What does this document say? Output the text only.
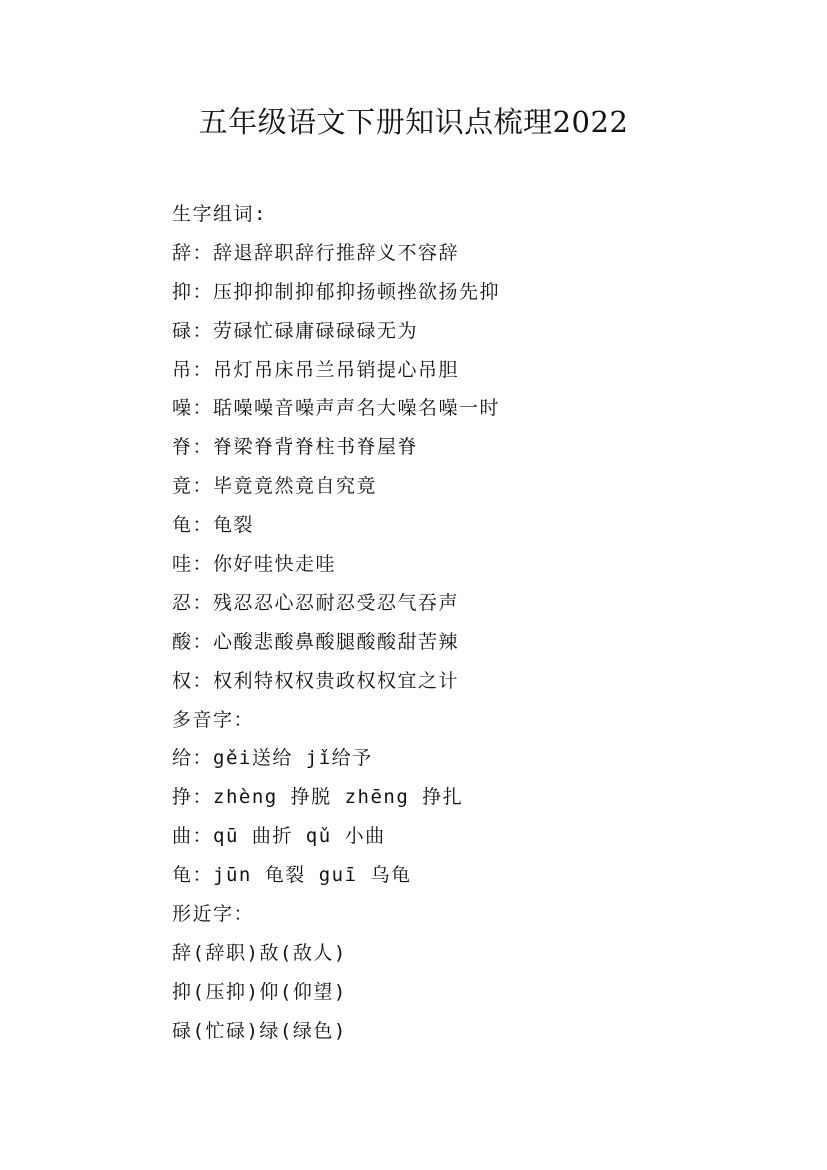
五年级语文下册知识点梳理2022
生字组词:
辞：辞退辞职辞行推辞义不容辞
抑：压抑抑制抑郁抑扬顿挫欲扬先抑
碌：劳碌忙碌庸碌碌碌无为
吊：吊灯吊床吊兰吊销提心吊胆
噪：聒噪噪音噪声声名大噪名噪一时
脊：脊梁脊背脊柱书脊屋脊
竟：毕竟竟然竟自究竟
龟：龟裂
哇：你好哇快走哇
忍：残忍忍心忍耐忍受忍气吞声
酸：心酸悲酸鼻酸腿酸酸甜苦辣
权：权利特权权贵政权权宜之计
多音字：
给：gěi送给 jǐ给予
挣：zhèng 挣脱 zhēng 挣扎
曲：qū 曲折 qǔ 小曲
龟：jūn 龟裂 guī 乌龟
形近字：
辞(辞职)敌(敌人)
抑(压抑)仰(仰望)
碌(忙碌)绿(绿色)
